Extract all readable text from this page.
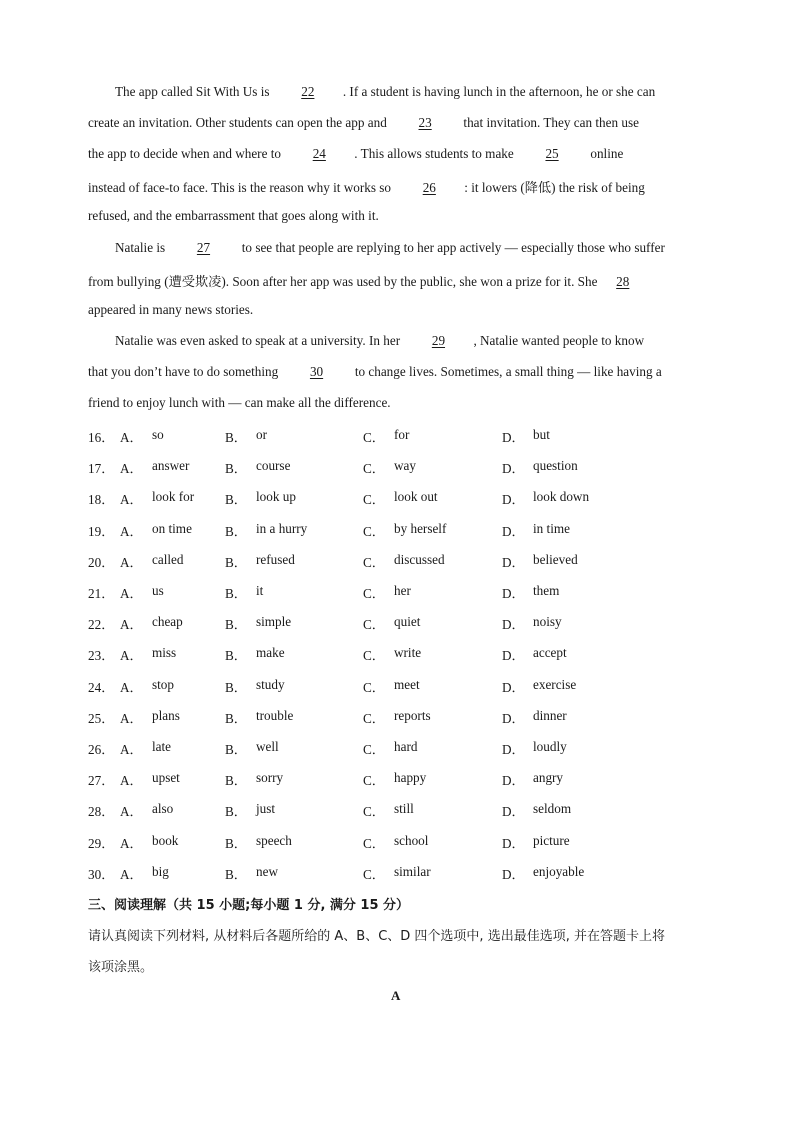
The app called Sit With Us is 22 . If a student is having lunch in the afternoon, he or she can
create an invitation. Other students can open the app and 23 that invitation. They can then use
the app to decide when and where to 24 . This allows students to make 25 online
instead of face-to face. This is the reason why it works so 26 : it lowers (降低) the risk of being
refused, and the embarrassment that goes along with it.
Natalie is 27 to see that people are replying to her app actively — especially those who suffer
from bullying (遭受欺凌). Soon after her app was used by the public, she won a prize for it. She 28
appeared in many news stories.
Natalie was even asked to speak at a university. In her 29 , Natalie wanted people to know
that you don’t have to do something 30 to change lives. Sometimes, a small thing — like having a
friend to enjoy lunch with — can make all the difference.
16． A． so	B． or	C． for	D． but
17． A． answer	B． course	C． way	D． question
18． A． look for B． look up	C． look out	D． look down
19． A． on time	B． in a hurry	C． by herself	D． in time
20． A． called	B． refused	C． discussed	D． believed
21． A． us	B． it	C． her	D． them
22． A． cheap	B． simple	C． quiet	D． noisy
23． A． miss	B． make	C． write	D． accept
24． A． stop	B． study	C． meet	D． exercise
25． A． plans	B． trouble	C． reports	D． dinner
26． A． late	B． well	C． hard	D． loudly
27． A． upset	B． sorry	C． happy	D． angry
28． A． also	B． just	C． still	D． seldom
29． A． book	B． speech	C． school	D． picture
30． A． big	B． new	C． similar	D． enjoyable
三、阅读理解（共 15 小题;每小题 1 分, 满分 15 分）
请认真阅读下列材料, 从材料后各题所给的 A、B、C、D 四个选项中, 选出最佳选项, 并在答题卡上将
该项涂黑。
A
